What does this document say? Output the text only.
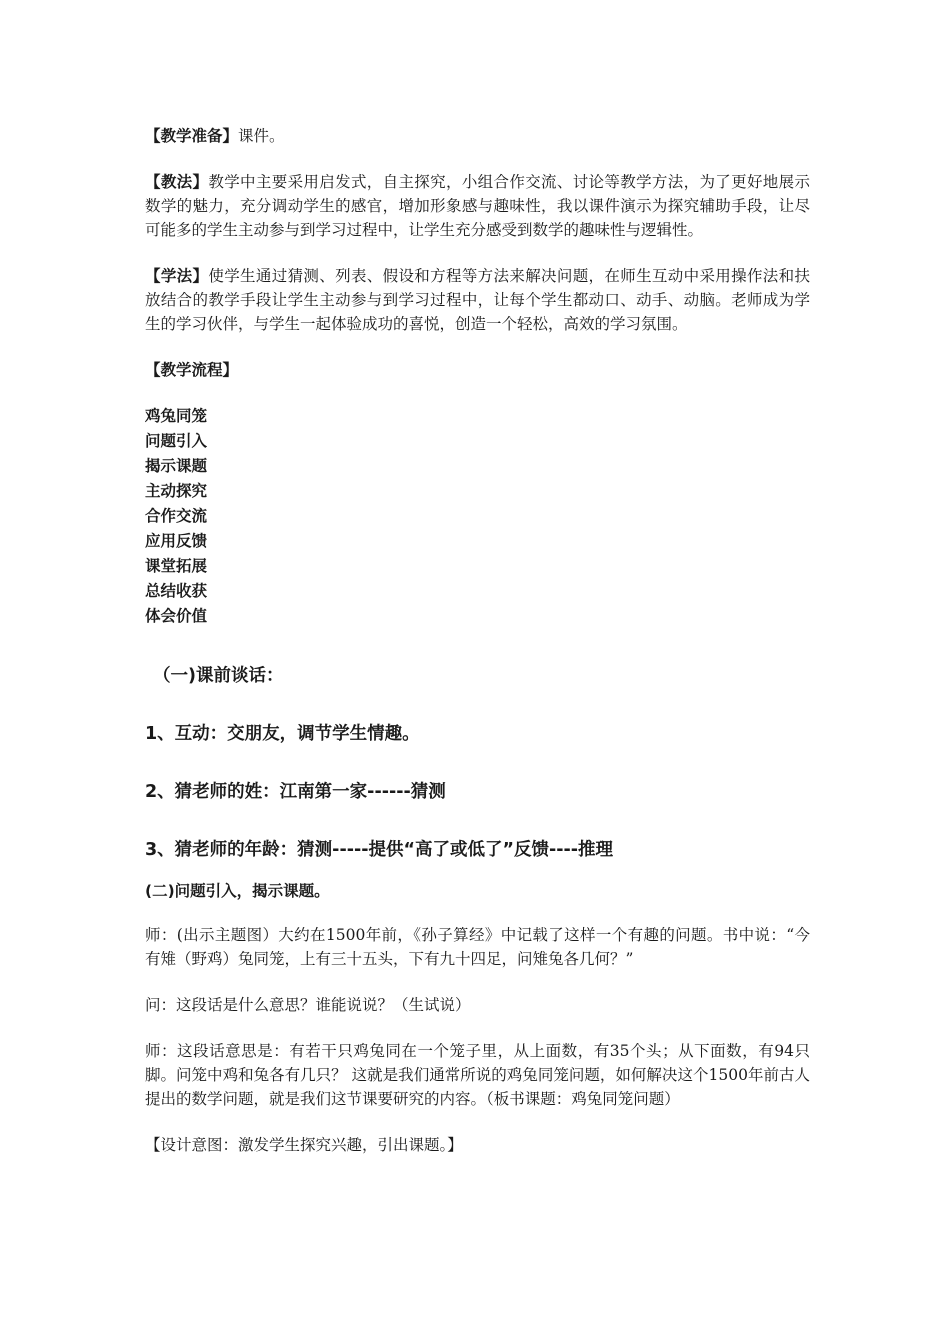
【教学准备】课件。

【教法】教学中主要采用启发式，自主探究，小组合作交流、讨论等教学方法，为了更好地展示数学的魅力，充分调动学生的感官，增加形象感与趣味性，我以课件演示为探究辅助手段，让尽可能多的学生主动参与到学习过程中，让学生充分感受到数学的趣味性与逻辑性。

【学法】使学生通过猜测、列表、假设和方程等方法来解决问题，在师生互动中采用操作法和扶放结合的教学手段让学生主动参与到学习过程中，让每个学生都动口、动手、动脑。老师成为学生的学习伙伴，与学生一起体验成功的喜悦，创造一个轻松，高效的学习氛围。

【教学流程】

鸡兔同笼
问题引入
揭示课题
主动探究
合作交流
应用反馈
课堂拓展
总结收获
体会价值

（一)课前谈话：

1、互动：交朋友，调节学生情趣。

2、猜老师的姓：江南第一家------猜测

3、猜老师的年龄：猜测-----提供“高了或低了”反馈----推理

(二)问题引入，揭示课题。

师：(出示主题图）大约在1500年前，《孙子算经》中记载了这样一个有趣的问题。书中说：“今有雉（野鸡）兔同笼，上有三十五头，下有九十四足，问雉兔各几何？”

问：这段话是什么意思？谁能说说？（生试说）

师：这段话意思是：有若干只鸡兔同在一个笼子里，从上面数，有35个头；从下面数，有94只脚。问笼中鸡和兔各有几只？ 这就是我们通常所说的鸡兔同笼问题，如何解决这个1500年前古人提出的数学问题，就是我们这节课要研究的内容。（板书课题：鸡兔同笼问题）

【设计意图：激发学生探究兴趣，引出课题。】
